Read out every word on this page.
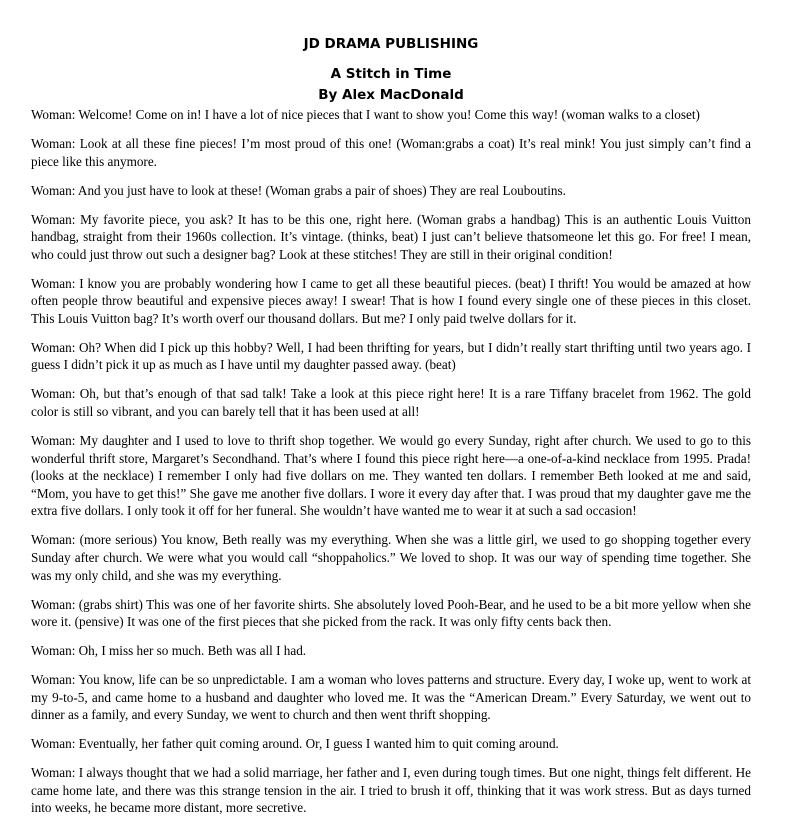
JD DRAMA PUBLISHING

A Stitch in Time
By Alex MacDonald

Woman: Welcome! Come on in! I have a lot of nice pieces that I want to show you! Come this way! (woman walks to a closet)

Woman: Look at all these fine pieces! I’m most proud of this one! (Woman:grabs a coat) It’s real mink! You just simply can’t find a piece like this anymore.

Woman: And you just have to look at these! (Woman grabs a pair of shoes) They are real Louboutins.

Woman: My favorite piece, you ask? It has to be this one, right here. (Woman grabs a handbag) This is an authentic Louis Vuitton handbag, straight from their 1960s collection. It’s vintage. (thinks, beat) I just can’t believe thatsomeone let this go. For free! I mean, who could just throw out such a designer bag? Look at these stitches! They are still in their original condition!

Woman: I know you are probably wondering how I came to get all these beautiful pieces. (beat) I thrift! You would be amazed at how often people throw beautiful and expensive pieces away! I swear! That is how I found every single one of these pieces in this closet. This Louis Vuitton bag? It’s worth overf our thousand dollars. But me? I only paid twelve dollars for it.

Woman: Oh? When did I pick up this hobby? Well, I had been thrifting for years, but I didn’t really start thrifting until two years ago. I guess I didn’t pick it up as much as I have until my daughter passed away. (beat)

Woman: Oh, but that’s enough of that sad talk! Take a look at this piece right here! It is a rare Tiffany bracelet from 1962. The gold color is still so vibrant, and you can barely tell that it has been used at all!

Woman: My daughter and I used to love to thrift shop together. We would go every Sunday, right after church. We used to go to this wonderful thrift store, Margaret’s Secondhand. That’s where I found this piece right here—a one-of-a-kind necklace from 1995. Prada! (looks at the necklace) I remember I only had five dollars on me. They wanted ten dollars. I remember Beth looked at me and said, “Mom, you have to get this!” She gave me another five dollars. I wore it every day after that. I was proud that my daughter gave me the extra five dollars. I only took it off for her funeral. She wouldn’t have wanted me to wear it at such a sad occasion!

Woman: (more serious) You know, Beth really was my everything. When she was a little girl, we used to go shopping together every Sunday after church. We were what you would call “shoppaholics.” We loved to shop. It was our way of spending time together. She was my only child, and she was my everything.

Woman: (grabs shirt) This was one of her favorite shirts. She absolutely loved Pooh-Bear, and he used to be a bit more yellow when she wore it. (pensive) It was one of the first pieces that she picked from the rack. It was only fifty cents back then.

Woman: Oh, I miss her so much. Beth was all I had.

Woman: You know, life can be so unpredictable. I am a woman who loves patterns and structure. Every day, I woke up, went to work at my 9-to-5, and came home to a husband and daughter who loved me. It was the “American Dream.” Every Saturday, we went out to dinner as a family, and every Sunday, we went to church and then went thrift shopping.

Woman: Eventually, her father quit coming around. Or, I guess I wanted him to quit coming around.

Woman: I always thought that we had a solid marriage, her father and I, even during tough times. But one night, things felt different. He came home late, and there was this strange tension in the air. I tried to brush it off, thinking that it was work stress. But as days turned into weeks, he became more distant, more secretive.
